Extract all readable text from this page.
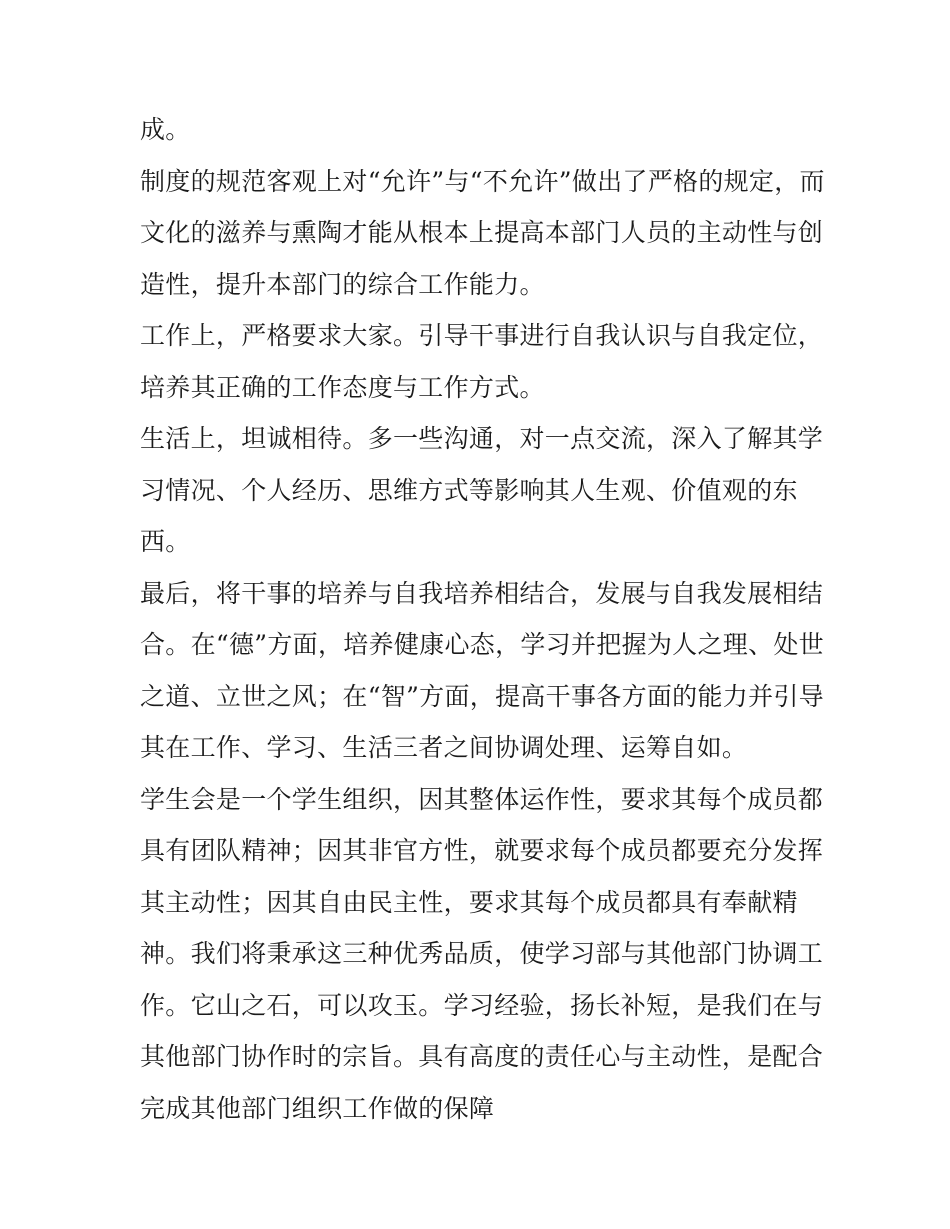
成。
制度的规范客观上对“允许”与“不允许”做出了严格的规定，而
文化的滋养与熏陶才能从根本上提高本部门人员的主动性与创
造性，提升本部门的综合工作能力。
工作上，严格要求大家。引导干事进行自我认识与自我定位，
培养其正确的工作态度与工作方式。
生活上，坦诚相待。多一些沟通，对一点交流，深入了解其学
习情况、个人经历、思维方式等影响其人生观、价值观的东
西。
最后，将干事的培养与自我培养相结合，发展与自我发展相结
合。在“德”方面，培养健康心态，学习并把握为人之理、处世
之道、立世之风；在“智”方面，提高干事各方面的能力并引导
其在工作、学习、生活三者之间协调处理、运筹自如。
学生会是一个学生组织，因其整体运作性，要求其每个成员都
具有团队精神；因其非官方性，就要求每个成员都要充分发挥
其主动性；因其自由民主性，要求其每个成员都具有奉献精
神。我们将秉承这三种优秀品质，使学习部与其他部门协调工
作。它山之石，可以攻玉。学习经验，扬长补短，是我们在与
其他部门协作时的宗旨。具有高度的责任心与主动性，是配合
完成其他部门组织工作做的保障
